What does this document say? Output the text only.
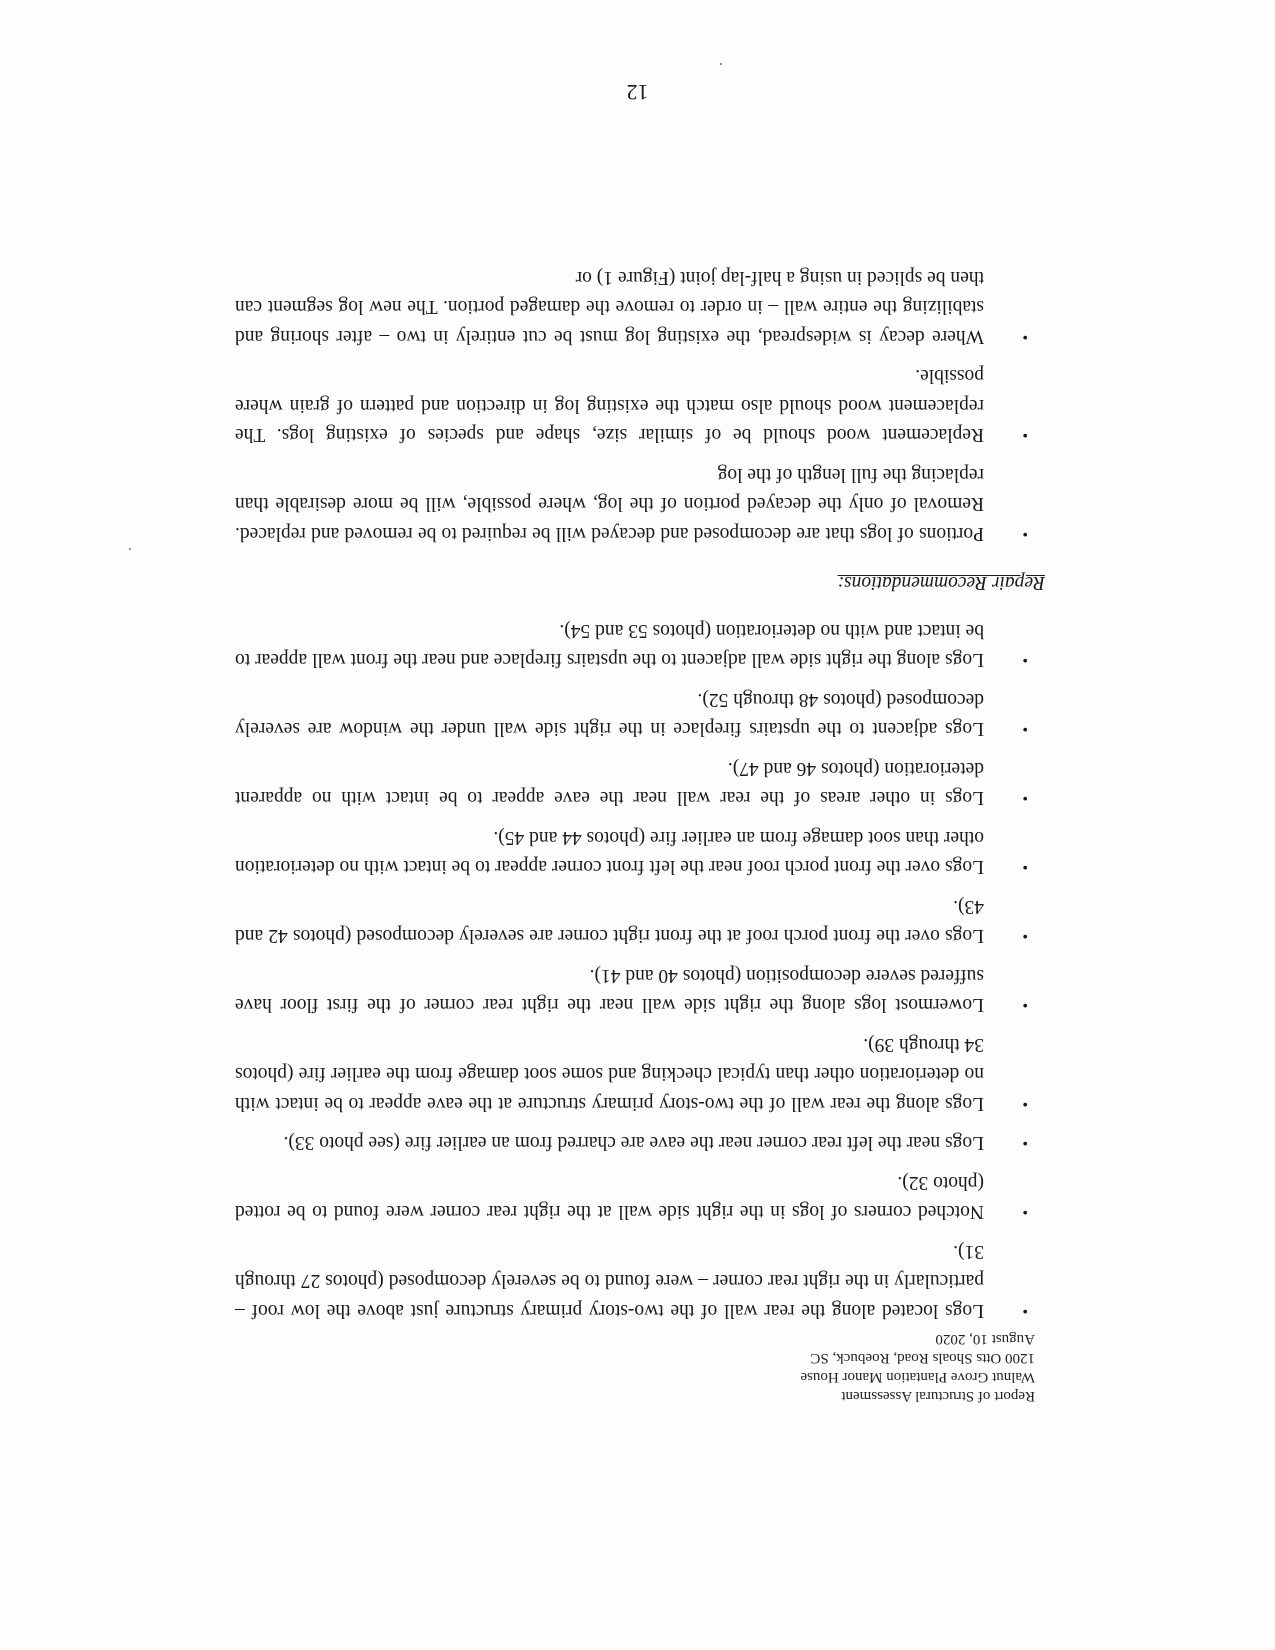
Report of Structural Assessment
Walnut Grove Plantation Manor House
1200 Otts Shoals Road, Roebuck, SC
August 10, 2020
•
Logs located along the rear wall of the two-story primary structure just above the low roof – particularly in the right rear corner – were found to be severely decomposed (photos 27 through 31).
•
Notched corners of logs in the right side wall at the right rear corner were found to be rotted (photo 32).
•
Logs near the left rear corner near the eave are charred from an earlier fire (see photo 33).
•
Logs along the rear wall of the two-story primary structure at the eave appear to be intact with no deterioration other than typical checking and some soot damage from the earlier fire (photos 34 through 39).
•
Lowermost logs along the right side wall near the right rear corner of the first floor have suffered severe decomposition (photos 40 and 41).
•
Logs over the front porch roof at the front right corner are severely decomposed (photos 42 and 43).
•
Logs over the front porch roof near the left front corner appear to be intact with no deterioration other than soot damage from an earlier fire (photos 44 and 45).
•
Logs in other areas of the rear wall near the eave appear to be intact with no apparent deterioration (photos 46 and 47).
•
Logs adjacent to the upstairs fireplace in the right side wall under the window are severely decomposed (photos 48 through 52).
•
Logs along the right side wall adjacent to the upstairs fireplace and near the front wall appear to be intact and with no deterioration (photos 53 and 54).
Repair Recommendations:
•
Portions of logs that are decomposed and decayed will be required to be removed and replaced. Removal of only the decayed portion of the log, where possible, will be more desirable than replacing the full length of the log
•
Replacement wood should be of similar size, shape and species of existing logs. The replacement wood should also match the existing log in direction and pattern of grain where possible.
•
Where decay is widespread, the existing log must be cut entirely in two – after shoring and stabilizing the entire wall – in order to remove the damaged portion. The new log segment can then be spliced in using a half-lap joint (Figure 1) or
12
